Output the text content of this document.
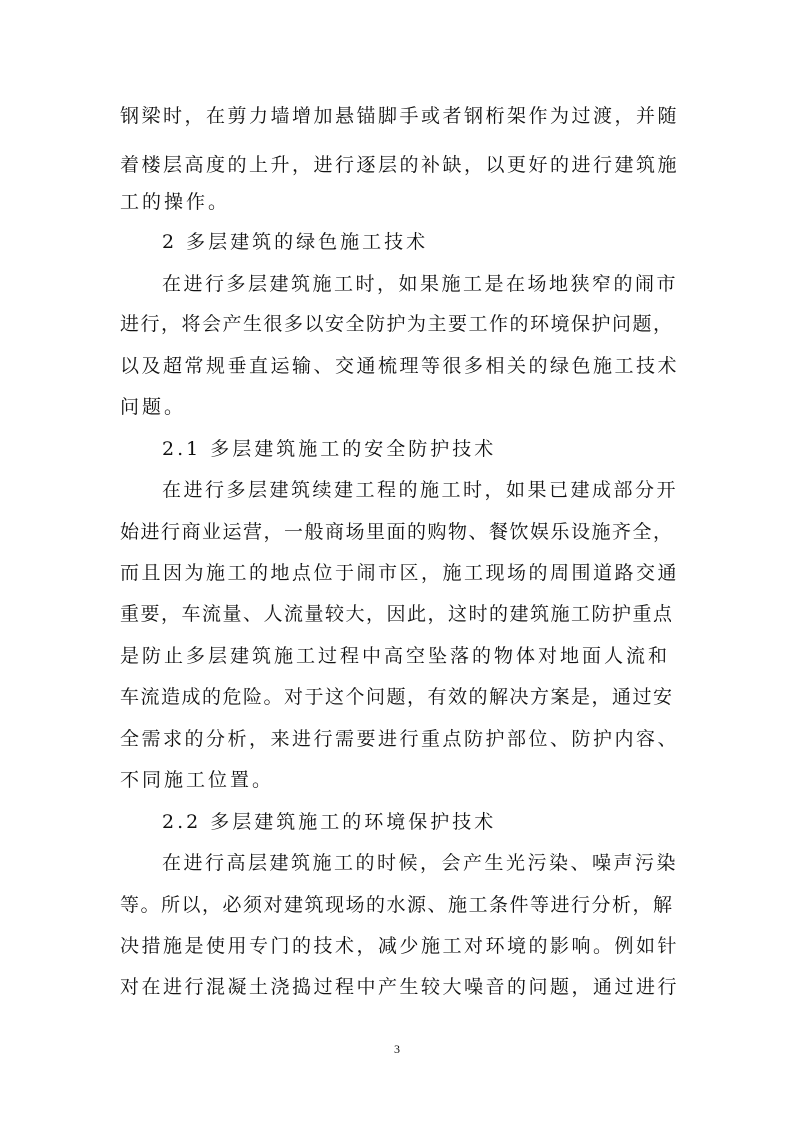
钢梁时，在剪力墙增加悬锚脚手或者钢桁架作为过渡，并随
着楼层高度的上升，进行逐层的补缺，以更好的进行建筑施
工的操作。
2 多层建筑的绿色施工技术
在进行多层建筑施工时，如果施工是在场地狭窄的闹市
进行，将会产生很多以安全防护为主要工作的环境保护问题，
以及超常规垂直运输、交通梳理等很多相关的绿色施工技术
问题。
2.1 多层建筑施工的安全防护技术
在进行多层建筑续建工程的施工时，如果已建成部分开
始进行商业运营，一般商场里面的购物、餐饮娱乐设施齐全，
而且因为施工的地点位于闹市区，施工现场的周围道路交通
重要，车流量、人流量较大，因此，这时的建筑施工防护重点
是防止多层建筑施工过程中高空坠落的物体对地面人流和
车流造成的危险。对于这个问题，有效的解决方案是，通过安
全需求的分析，来进行需要进行重点防护部位、防护内容、
不同施工位置。
2.2 多层建筑施工的环境保护技术
在进行高层建筑施工的时候，会产生光污染、噪声污染
等。所以，必须对建筑现场的水源、施工条件等进行分析，解
决措施是使用专门的技术，减少施工对环境的影响。例如针
对在进行混凝土浇捣过程中产生较大噪音的问题，通过进行
3
